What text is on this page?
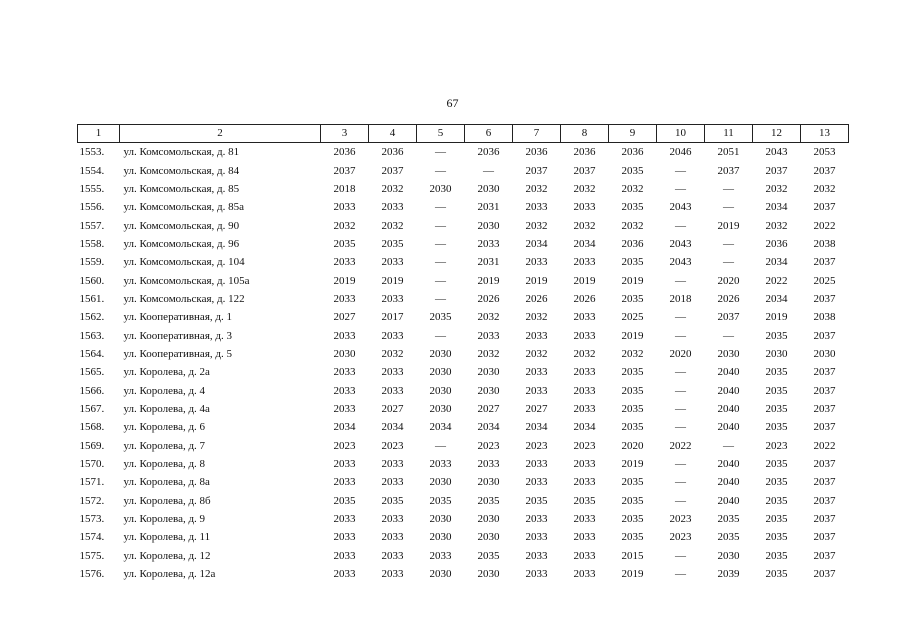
67
1	2	3	4	5	6	7	8	9	10	11	12	13
1553.	ул. Комсомольская, д. 81	2036	2036	—	2036	2036	2036	2036	2046	2051	2043	2053
1554.	ул. Комсомольская, д. 84	2037	2037	—	—	2037	2037	2035	—	2037	2037	2037
1555.	ул. Комсомольская, д. 85	2018	2032	2030	2030	2032	2032	2032	—	—	2032	2032
1556.	ул. Комсомольская, д. 85а	2033	2033	—	2031	2033	2033	2035	2043	—	2034	2037
1557.	ул. Комсомольская, д. 90	2032	2032	—	2030	2032	2032	2032	—	2019	2032	2022
1558.	ул. Комсомольская, д. 96	2035	2035	—	2033	2034	2034	2036	2043	—	2036	2038
1559.	ул. Комсомольская, д. 104	2033	2033	—	2031	2033	2033	2035	2043	—	2034	2037
1560.	ул. Комсомольская, д. 105а	2019	2019	—	2019	2019	2019	2019	—	2020	2022	2025
1561.	ул. Комсомольская, д. 122	2033	2033	—	2026	2026	2026	2035	2018	2026	2034	2037
1562.	ул. Кооперативная, д. 1	2027	2017	2035	2032	2032	2033	2025	—	2037	2019	2038
1563.	ул. Кооперативная, д. 3	2033	2033	—	2033	2033	2033	2019	—	—	2035	2037
1564.	ул. Кооперативная, д. 5	2030	2032	2030	2032	2032	2032	2032	2020	2030	2030	2030
1565.	ул. Королева, д. 2а	2033	2033	2030	2030	2033	2033	2035	—	2040	2035	2037
1566.	ул. Королева, д. 4	2033	2033	2030	2030	2033	2033	2035	—	2040	2035	2037
1567.	ул. Королева, д. 4а	2033	2027	2030	2027	2027	2033	2035	—	2040	2035	2037
1568.	ул. Королева, д. 6	2034	2034	2034	2034	2034	2034	2035	—	2040	2035	2037
1569.	ул. Королева, д. 7	2023	2023	—	2023	2023	2023	2020	2022	—	2023	2022
1570.	ул. Королева, д. 8	2033	2033	2033	2033	2033	2033	2019	—	2040	2035	2037
1571.	ул. Королева, д. 8а	2033	2033	2030	2030	2033	2033	2035	—	2040	2035	2037
1572.	ул. Королева, д. 8б	2035	2035	2035	2035	2035	2035	2035	—	2040	2035	2037
1573.	ул. Королева, д. 9	2033	2033	2030	2030	2033	2033	2035	2023	2035	2035	2037
1574.	ул. Королева, д. 11	2033	2033	2030	2030	2033	2033	2035	2023	2035	2035	2037
1575.	ул. Королева, д. 12	2033	2033	2033	2035	2033	2033	2015	—	2030	2035	2037
1576.	ул. Королева, д. 12а	2033	2033	2030	2030	2033	2033	2019	—	2039	2035	2037
